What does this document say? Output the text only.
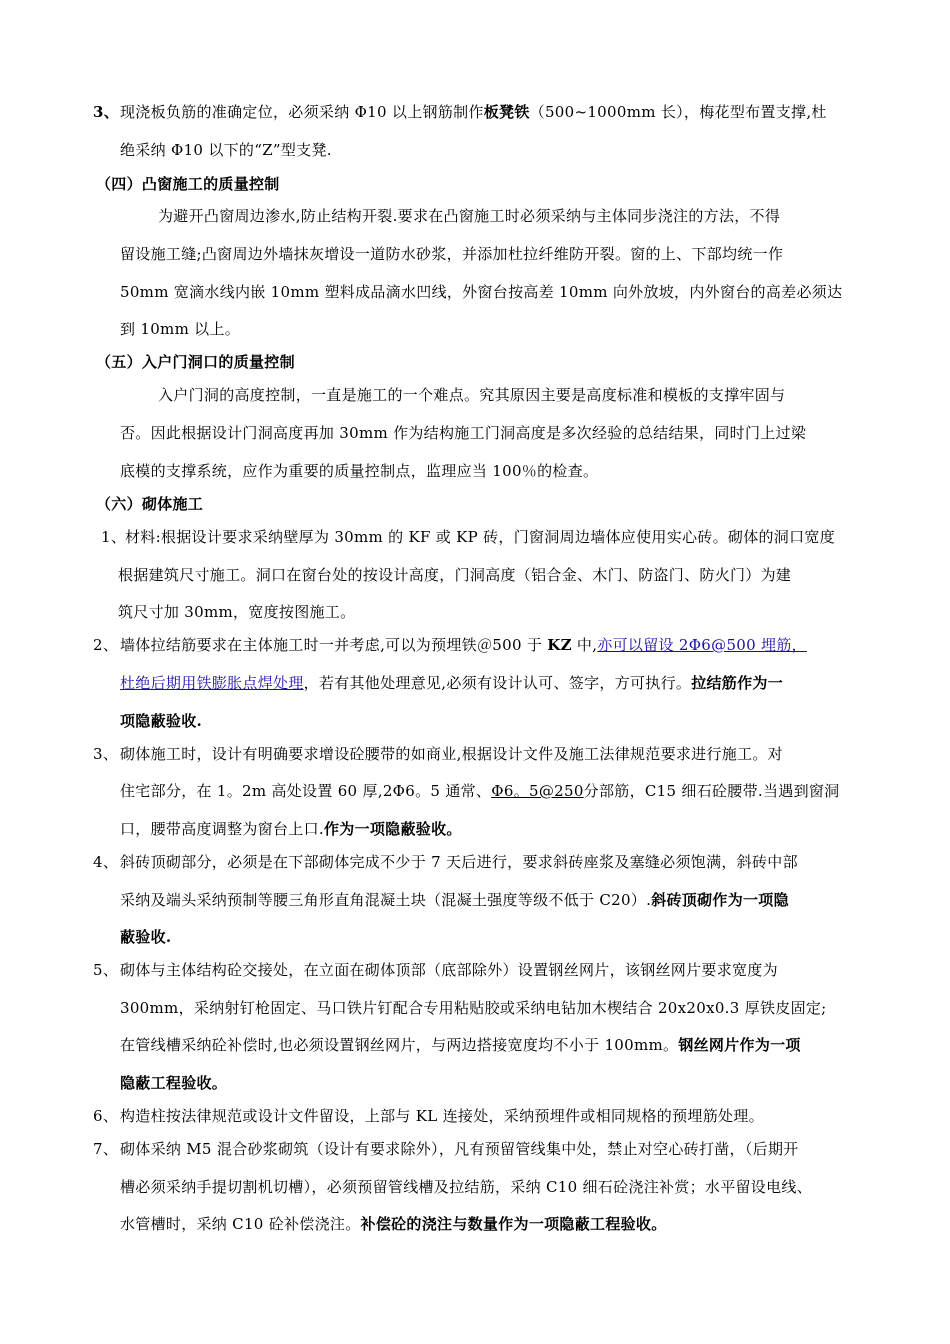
3、 现浇板负筋的准确定位，必须采纳 Φ10 以上钢筋制作板凳铁（500~1000mm 长），梅花型布置支撑,杜
绝采纳 Φ10 以下的“Z”型支凳.
（四）凸窗施工的质量控制
为避开凸窗周边渗水,防止结构开裂.要求在凸窗施工时必须采纳与主体同步浇注的方法，不得
留设施工缝;凸窗周边外墙抹灰增设一道防水砂浆，并添加杜拉纤维防开裂。窗的上、下部均统一作
50mm 宽滴水线内嵌 10mm 塑料成品滴水凹线，外窗台按高差 10mm 向外放坡，内外窗台的高差必须达
到 10mm 以上。
（五）入户门洞口的质量控制
入户门洞的高度控制，一直是施工的一个难点。究其原因主要是高度标准和模板的支撑牢固与
否。因此根据设计门洞高度再加 30mm 作为结构施工门洞高度是多次经验的总结结果，同时门上过梁
底模的支撑系统，应作为重要的质量控制点，监理应当 100％的检查。
（六）砌体施工
1、
材料:根据设计要求采纳壁厚为 30mm 的 KF 或 KP 砖，门窗洞周边墙体应使用实心砖。砌体的洞口宽度
根据建筑尺寸施工。洞口在窗台处的按设计高度，门洞高度（铝合金、木门、防盗门、防火门）为建
筑尺寸加 30mm，宽度按图施工。
2、 墙体拉结筋要求在主体施工时一并考虑,可以为预埋铁＠500 于 KZ 中,亦可以留设 2Φ6@500 埋筋，
杜绝后期用铁膨胀点焊处理，若有其他处理意见,必须有设计认可、签字，方可执行。拉结筋作为一
项隐蔽验收.
3、 砌体施工时，设计有明确要求增设砼腰带的如商业,根据设计文件及施工法律规范要求进行施工。对
住宅部分，在 1。2m 高处设置 60 厚,2Φ6。5 通常、Φ6。5@250分部筋，C15 细石砼腰带.当遇到窗洞
口，腰带高度调整为窗台上口.作为一项隐蔽验收。
4、 斜砖顶砌部分，必须是在下部砌体完成不少于 7 天后进行，要求斜砖座浆及塞缝必须饱满，斜砖中部
采纳及端头采纳预制等腰三角形直角混凝土块（混凝土强度等级不低于 C20）.斜砖顶砌作为一项隐
蔽验收.
5、 砌体与主体结构砼交接处，在立面在砌体顶部（底部除外）设置钢丝网片，该钢丝网片要求宽度为
300mm，采纳射钉枪固定、马口铁片钉配合专用粘贴胶或采纳电钻加木楔结合 20x20x0.3 厚铁皮固定;
在管线槽采纳砼补偿时,也必须设置钢丝网片，与两边搭接宽度均不小于 100mm。钢丝网片作为一项
隐蔽工程验收。
6、 构造柱按法律规范或设计文件留设，上部与 KL 连接处，采纳预埋件或相同规格的预埋筋处理。
7、 砌体采纳 M5 混合砂浆砌筑（设计有要求除外），凡有预留管线集中处，禁止对空心砖打凿，（后期开
槽必须采纳手提切割机切槽），必须预留管线槽及拉结筋，采纳 C10 细石砼浇注补赏；水平留设电线、
水管槽时，采纳 C10 砼补偿浇注。补偿砼的浇注与数量作为一项隐蔽工程验收。
